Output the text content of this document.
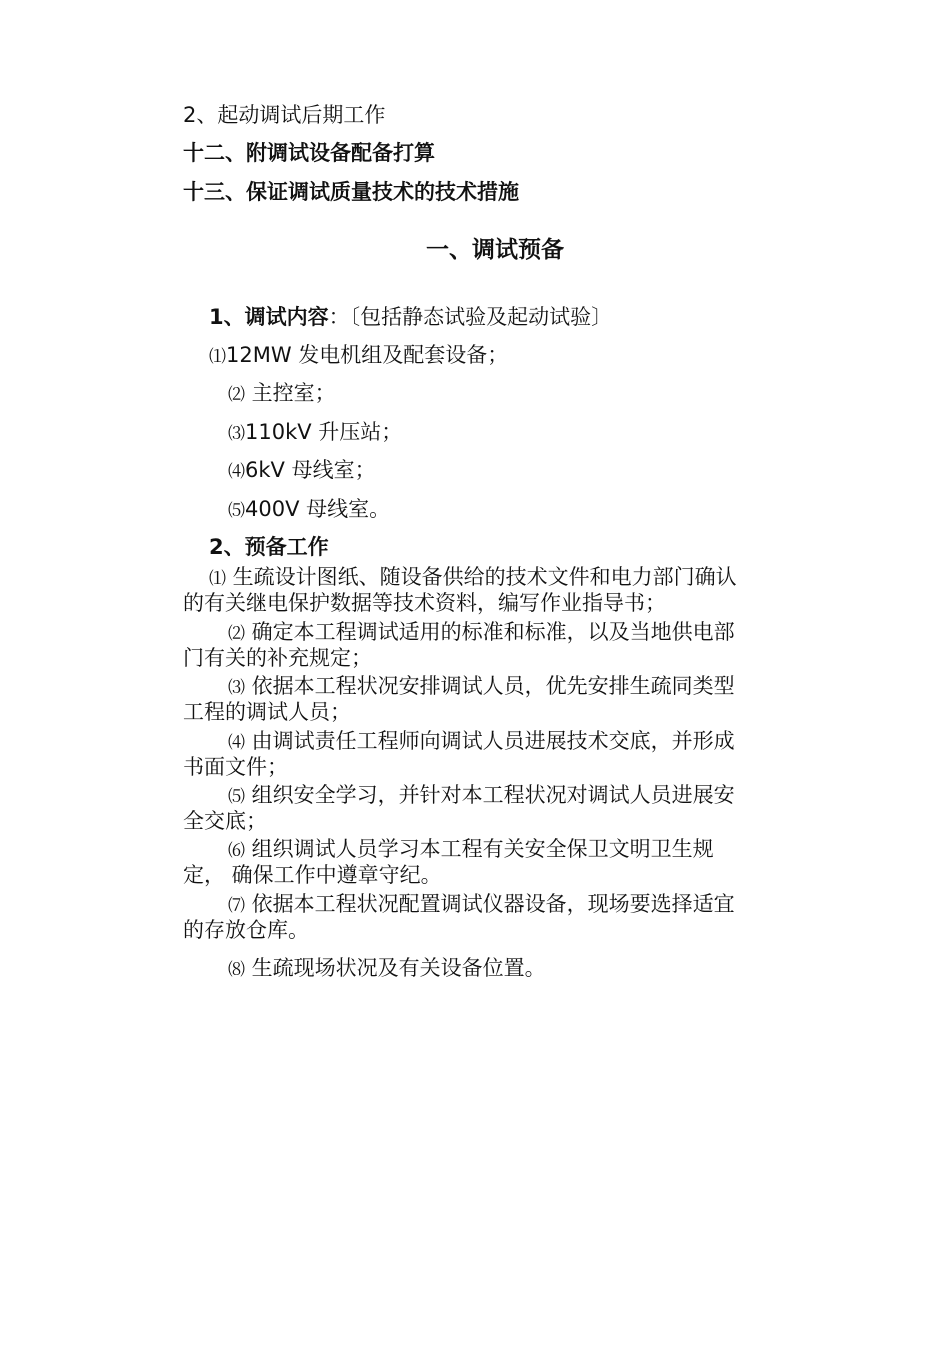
2、起动调试后期工作

十二、附调试设备配备打算

十三、保证调试质量技术的技术措施

一、调试预备

1、调试内容：〔包括静态试验及起动试验〕

⑴12MW 发电机组及配套设备；

⑵ 主控室；

⑶110kV 升压站；

⑷6kV 母线室；

⑸400V 母线室。

2、预备工作

⑴ 生疏设计图纸、随设备供给的技术文件和电力部门确认

的有关继电保护数据等技术资料，编写作业指导书；

⑵ 确定本工程调试适用的标准和标准，以及当地供电部

门有关的补充规定；

⑶ 依据本工程状况安排调试人员，优先安排生疏同类型

工程的调试人员；

⑷ 由调试责任工程师向调试人员进展技术交底，并形成

书面文件；

⑸ 组织安全学习，并针对本工程状况对调试人员进展安

全交底；

⑹ 组织调试人员学习本工程有关安全保卫文明卫生规

定， 确保工作中遵章守纪。

⑺ 依据本工程状况配置调试仪器设备，现场要选择适宜

的存放仓库。

⑻ 生疏现场状况及有关设备位置。
